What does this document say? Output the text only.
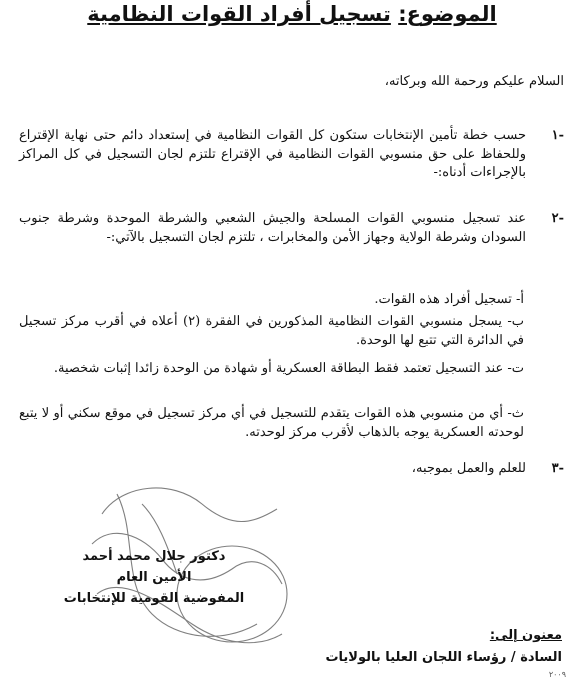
الموضوع: تسجيل أفراد القوات النظامية
السلام عليكم ورحمة الله وبركاته،
-١
حسب خطة تأمين الإنتخابات ستكون كل القوات النظامية في إستعداد دائم حتى نهاية الإقتراع وللحفاظ على حق منسوبي القوات النظامية في الإقتراع تلتزم لجان التسجيل في كل المراكز بالإجراءات أدناه:-
-٢
عند تسجيل منسوبي القوات المسلحة والجيش الشعبي والشرطة الموحدة وشرطة جنوب السودان وشرطة الولاية وجهاز الأمن والمخابرات ، تلتزم لجان التسجيل بالآتي:-
أ- تسجيل أفراد هذه القوات.
ب- يسجل منسوبي القوات النظامية المذكورين في الفقرة (٢) أعلاه في أقرب مركز تسجيل في الدائرة التي تتبع لها الوحدة.
ت- عند التسجيل تعتمد فقط البطاقة العسكرية أو شهادة من الوحدة زائدا إثبات شخصية.
ث- أي من منسوبي هذه القوات يتقدم للتسجيل في أي مركز تسجيل في موقع سكني أو لا يتبع لوحدته العسكرية يوجه بالذهاب لأقرب مركز لوحدته.
-٣
للعلم والعمل بموجبه،
دكتور جلال محمد أحمد
الأمين العام
المفوضية القومية للإنتخابات
معنون إلى:
السادة / رؤساء اللجان العليا بالولايات
٢٠٠٩
